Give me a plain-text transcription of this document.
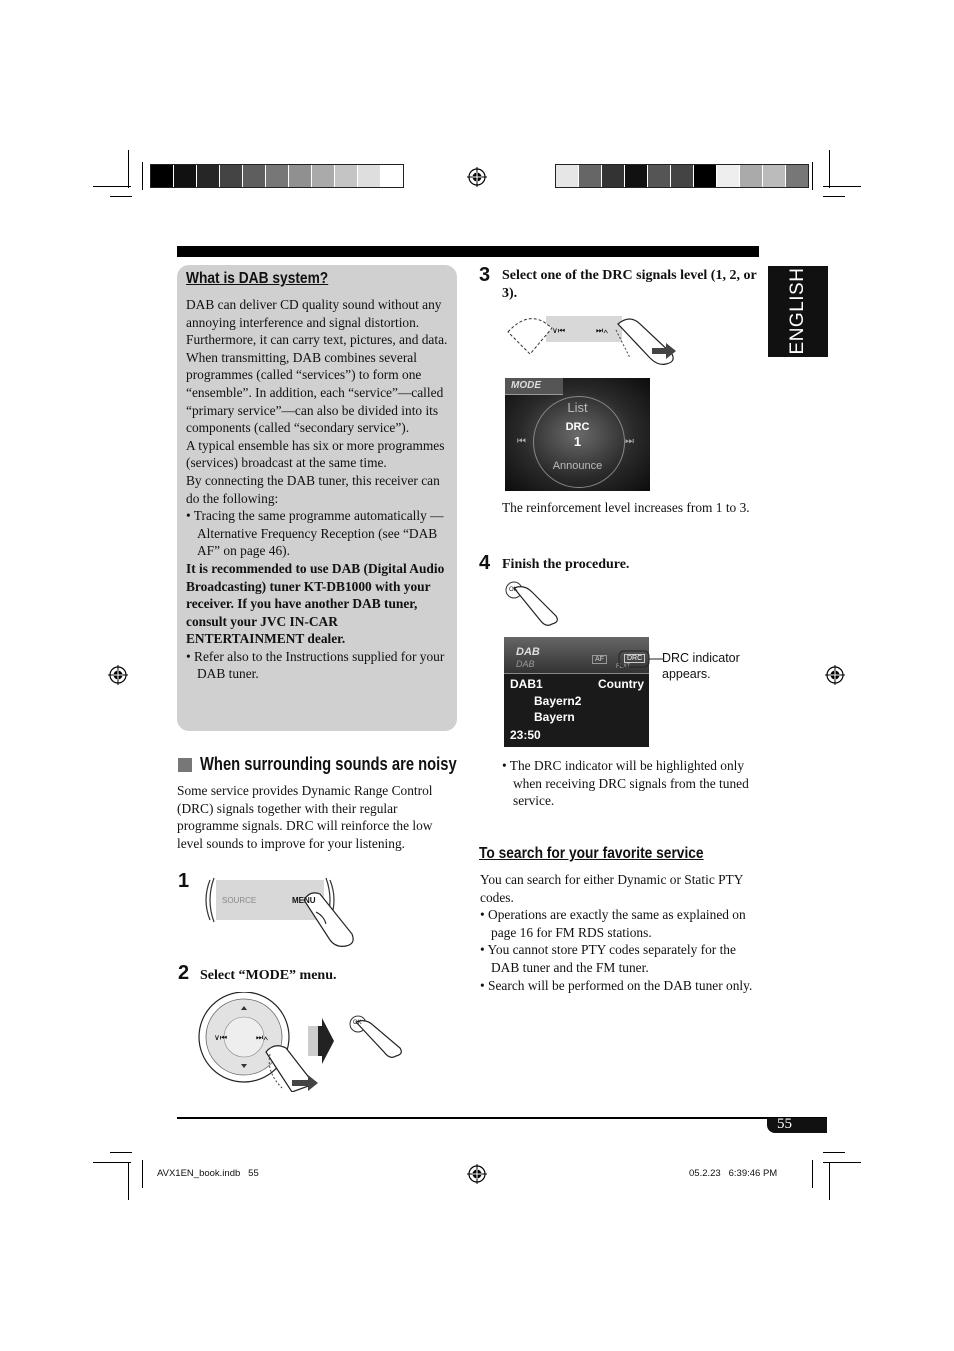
ENGLISH
What is DAB system?

DAB can deliver CD quality sound without any annoying interference and signal distortion. Furthermore, it can carry text, pictures, and data. When transmitting, DAB combines several programmes (called “services”) to form one “ensemble”. In addition, each “service”—called “primary service”—can also be divided into its components (called “secondary service”).

A typical ensemble has six or more programmes (services) broadcast at the same time.

By connecting the DAB tuner, this receiver can do the following:

• Tracing the same programme automatically —Alternative Frequency Reception (see “DAB AF” on page 46).

It is recommended to use DAB (Digital Audio Broadcasting) tuner KT-DB1000 with your receiver. If you have another DAB tuner, consult your JVC IN-CAR ENTERTAINMENT dealer.

• Refer also to the Instructions supplied for your DAB tuner.

When surrounding sounds are noisy
Some service provides Dynamic Range Control (DRC) signals together with their regular programme signals. DRC will reinforce the low level sounds to improve for your listening.
1
SOURCE	MENU
2 Select “MODE” menu.
∨⏮	⏭∧
OK
3 Select one of the DRC signals level (1, 2, or 3).
∨⏮	⏭∧
MODE
List
DRC
1
⏮	⏭
Announce
The reinforcement level increases from 1 to 3.
4 Finish the procedure.
OK
DAB
DAB	AF	DRC
FLAT
DAB1	Country
Bayern2
Bayern
23:50
DRC indicator appears.
• The DRC indicator will be highlighted only when receiving DRC signals from the tuned service.
To search for your favorite service

You can search for either Dynamic or Static PTY codes.

• Operations are exactly the same as explained on page 16 for FM RDS stations.

• You cannot store PTY codes separately for the DAB tuner and the FM tuner.

• Search will be performed on the DAB tuner only.

55
AVX1EN_book.indb   55	05.2.23   6:39:46 PM
